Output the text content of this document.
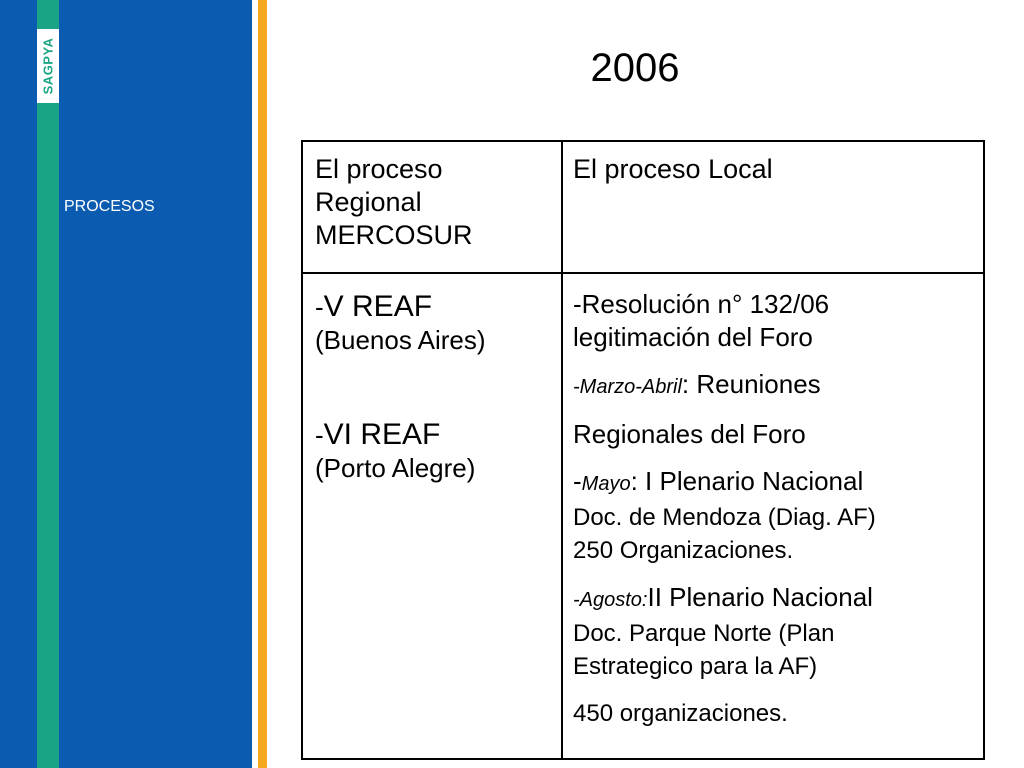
SAGPYA
PROCESOS
2006
El proceso
Regional
MERCOSUR
El proceso Local
-V REAF
(Buenos Aires)
-VI REAF
(Porto Alegre)
-Resolución n° 132/06
legitimación del Foro
-Marzo-Abril: Reuniones
Regionales del Foro
-Mayo: I Plenario Nacional
Doc. de Mendoza (Diag. AF)
250 Organizaciones.
-Agosto:II Plenario Nacional
Doc. Parque Norte (Plan
Estrategico para la AF)
450 organizaciones.
